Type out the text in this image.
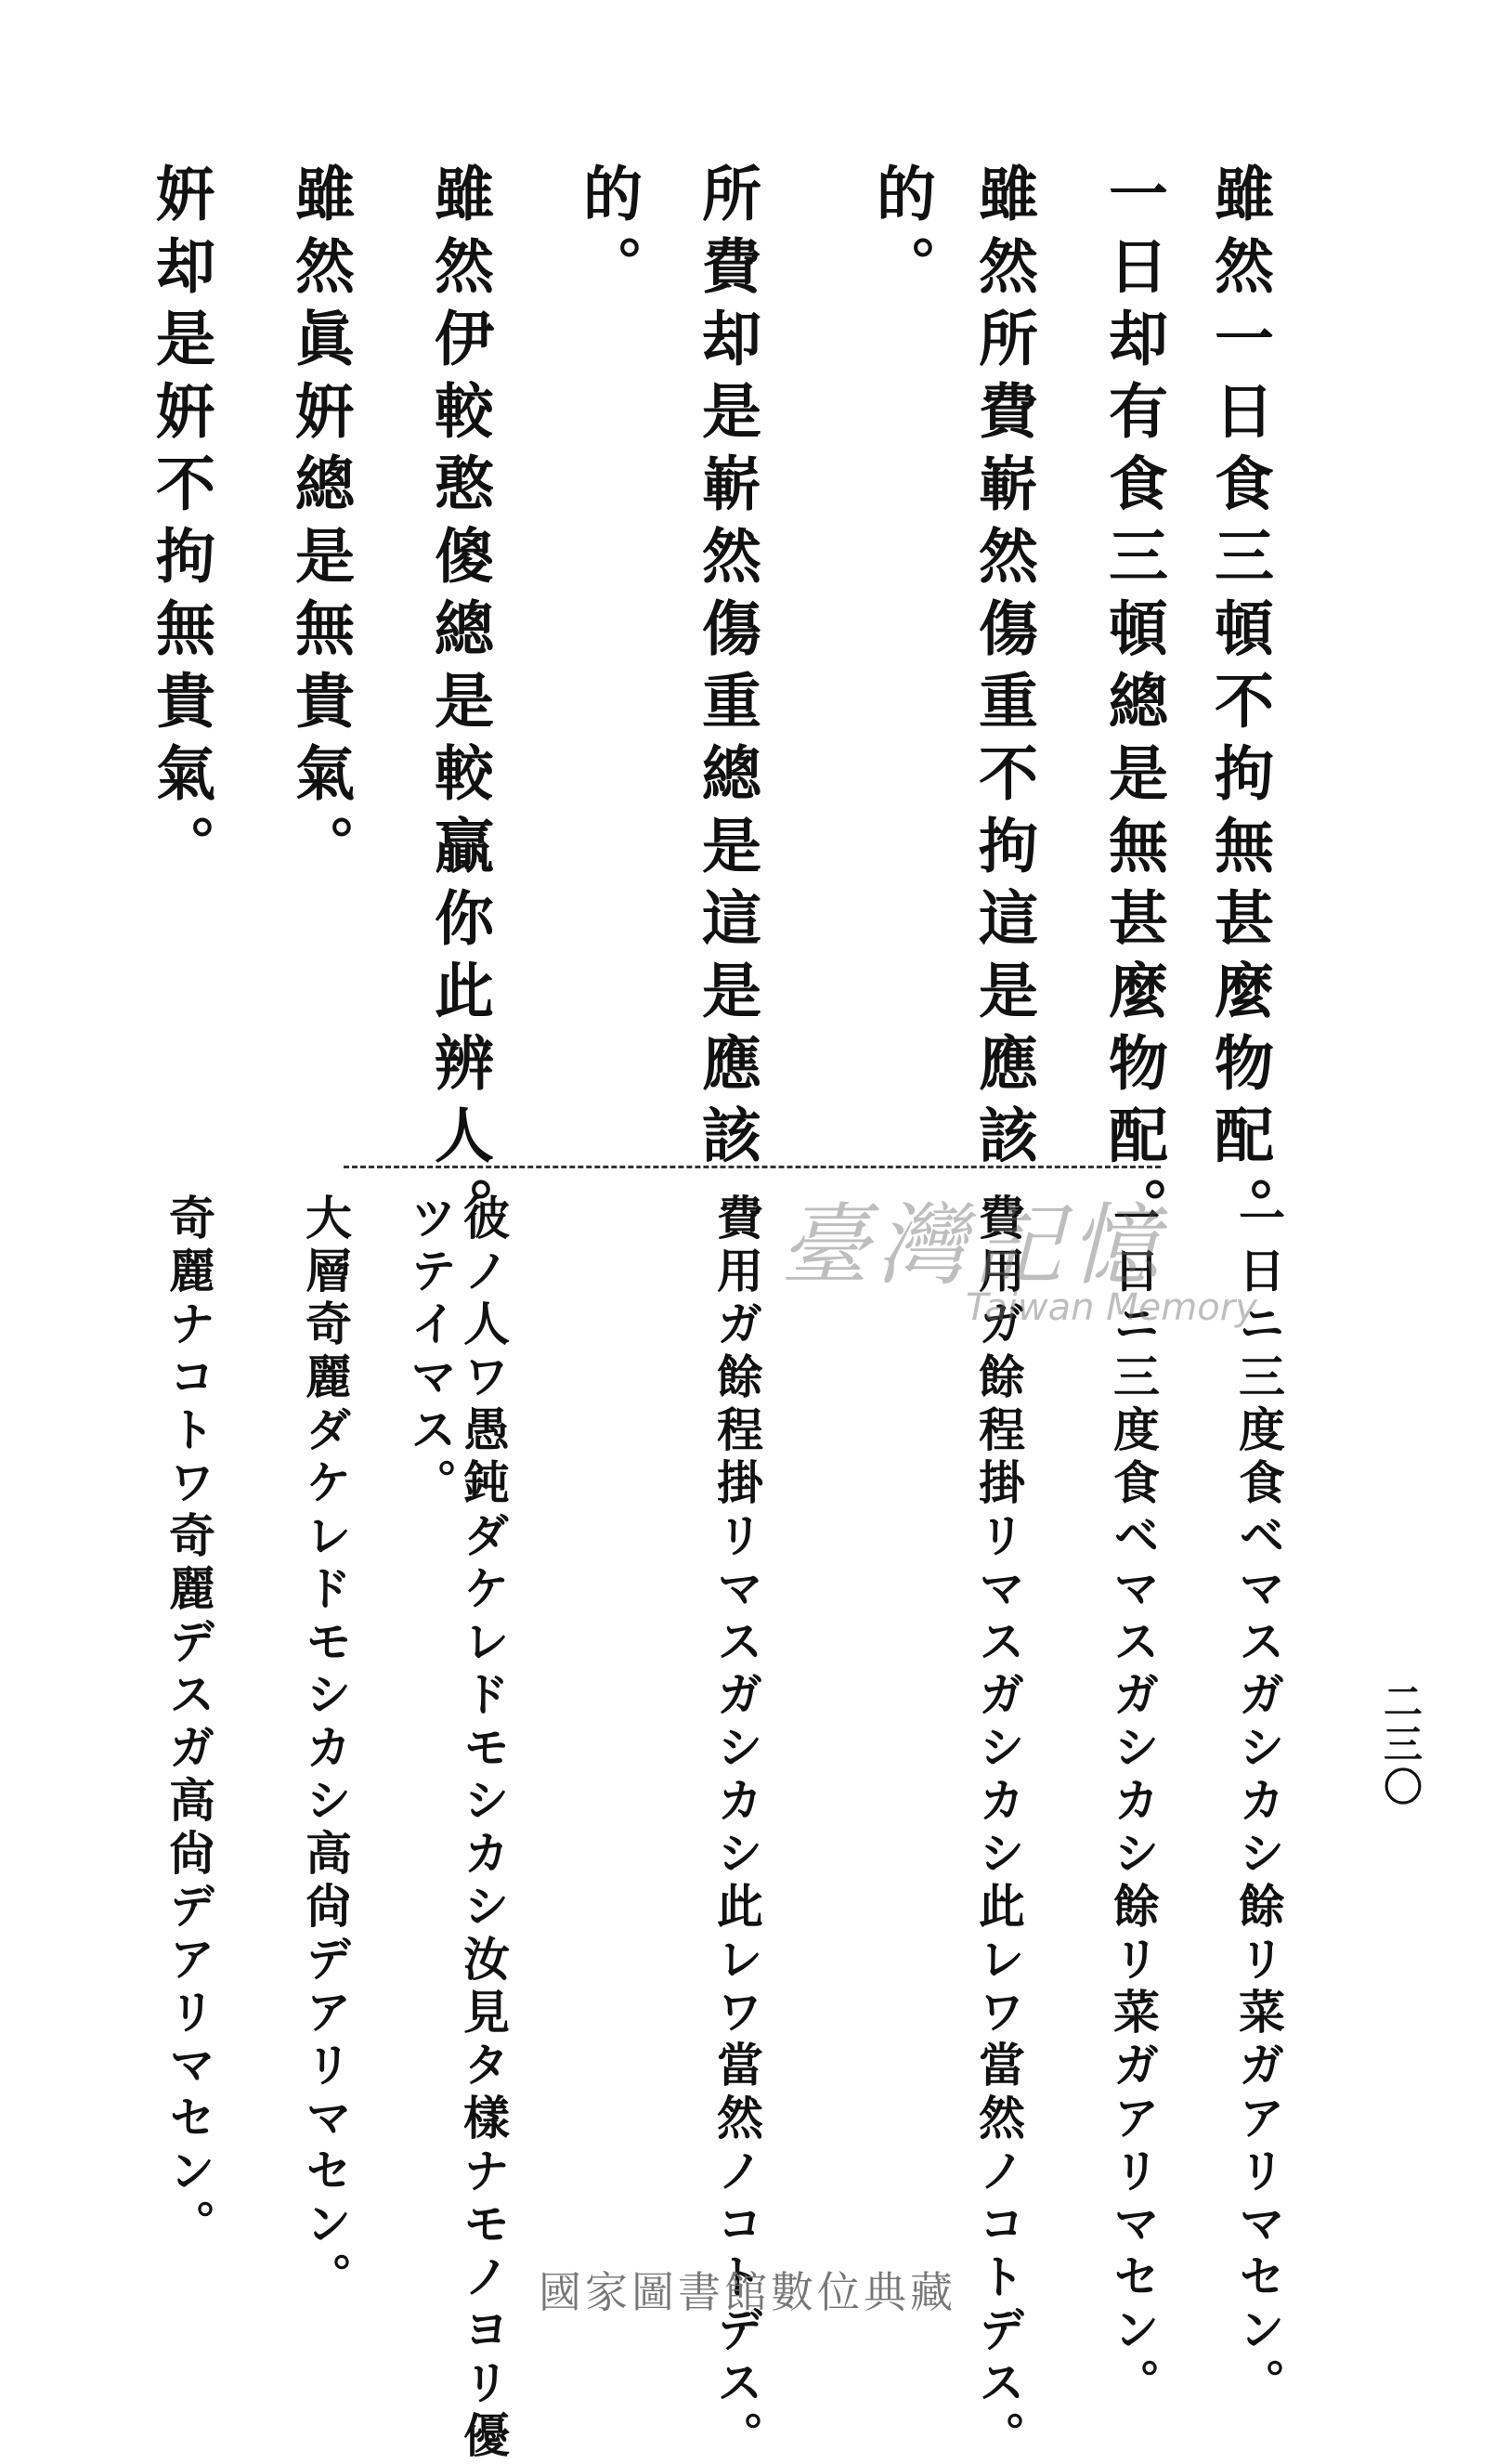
二三〇
雖然一日食三頓不拘無甚麼物配。
一日却有食三頓總是無甚麼物配。
雖然所費嶄然傷重不拘這是應該
的。
所費却是嶄然傷重總是這是應該
的。
雖然伊較憨傻總是較贏你此辨人。
雖然眞姸總是無貴氣。
姸却是姸不拘無貴氣。
一日ニ三度食ベマスガシカシ餘リ菜ガアリマセン。
一日ニ三度食ベマスガシカシ餘リ菜ガアリマセン。
費用ガ餘程掛リマスガシカシ此レワ當然ノコトデス。
費用ガ餘程掛リマスガシカシ此レワ當然ノコトデス。
彼ノ人ワ愚鈍ダケレドモシカシ汝見タ樣ナモノヨリ優
ツテイマス。
大層奇麗ダケレドモシカシ高尙デアリマセン。
奇麗ナコトワ奇麗デスガ高尙デアリマセン。	臺灣記憶
Taiwan Memory
國家圖書館數位典藏
